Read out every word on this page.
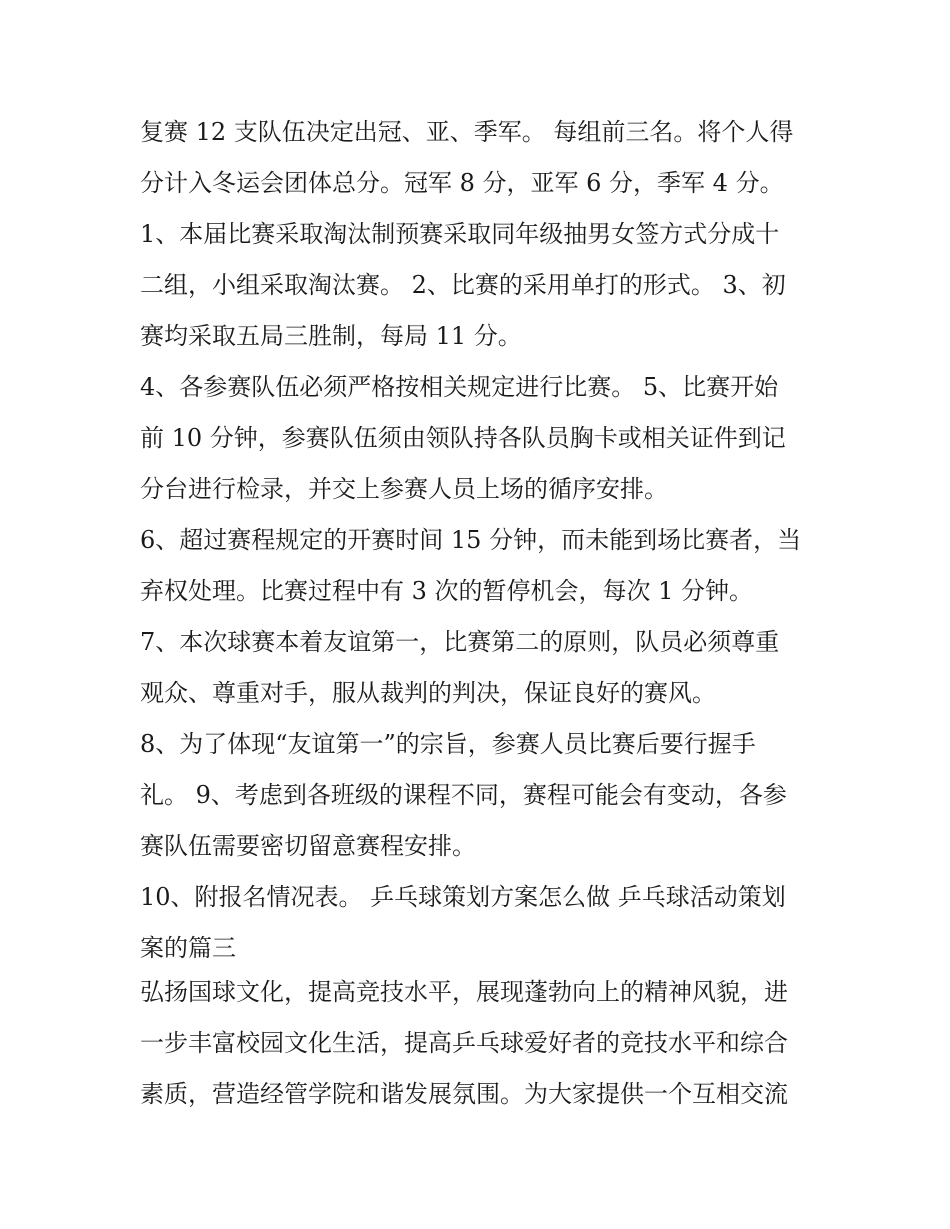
复赛 12 支队伍决定出冠、亚、季军。 每组前三名。将个人得
分计入冬运会团体总分。冠军 8 分，亚军 6 分，季军 4 分。
1、本届比赛采取淘汰制预赛采取同年级抽男女签方式分成十
二组，小组采取淘汰赛。 2、比赛的采用单打的形式。 3、初
赛均采取五局三胜制，每局 11 分。
4、各参赛队伍必须严格按相关规定进行比赛。 5、比赛开始
前 10 分钟，参赛队伍须由领队持各队员胸卡或相关证件到记
分台进行检录，并交上参赛人员上场的循序安排。
6、超过赛程规定的开赛时间 15 分钟，而未能到场比赛者，当
弃权处理。比赛过程中有 3 次的暂停机会，每次 1 分钟。
7、本次球赛本着友谊第一，比赛第二的原则，队员必须尊重
观众、尊重对手，服从裁判的判决，保证良好的赛风。
8、为了体现“友谊第一”的宗旨，参赛人员比赛后要行握手
礼。 9、考虑到各班级的课程不同，赛程可能会有变动，各参
赛队伍需要密切留意赛程安排。
10、附报名情况表。 乒乓球策划方案怎么做 乒乓球活动策划
案的篇三
弘扬国球文化，提高竞技水平，展现蓬勃向上的精神风貌，进
一步丰富校园文化生活，提高乒乓球爱好者的竞技水平和综合
素质，营造经管学院和谐发展氛围。为大家提供一个互相交流
